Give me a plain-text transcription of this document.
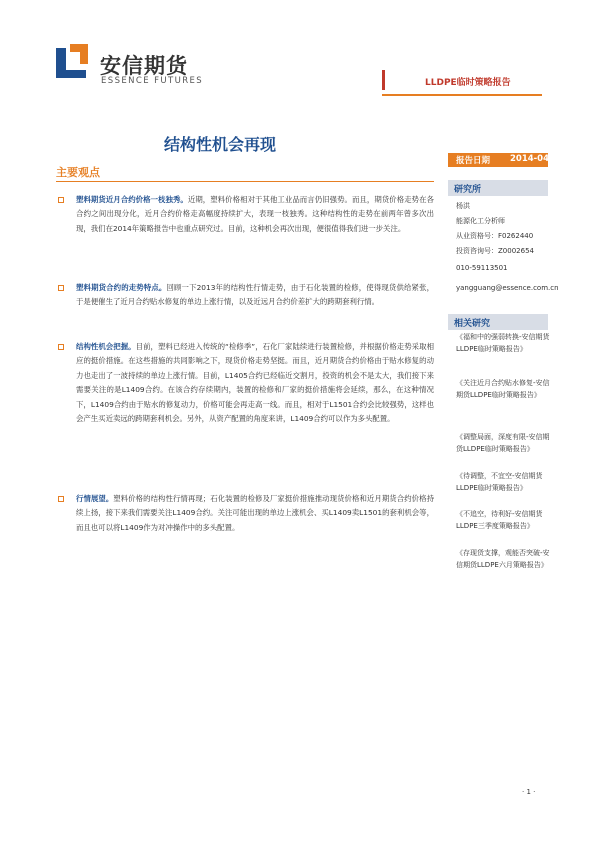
安信期货
ESSENCE FUTURES	LLDPE临时策略报告
结构性机会再现
报告日期 2014-04-17
研究所
杨洪
能源化工分析师
从业资格号：F0262440
投资咨询号：Z0002654
010-59113501
yangguang@essence.com.cn
相关研究
《福和中的强弱转换-安信期货LLDPE临时策略报告》
《关注近月合约贴水修复-安信期货LLDPE临时策略报告》
《调整局面，深度有限-安信期货LLDPE临时策略报告》
《待调整，不宜空-安信期货LLDPE临时策略报告》
《不追空，待利好-安信期货LLDPE三季度策略报告》
《存现货支撑，观能否突破-安信期货LLDPE六月策略报告》
主要观点
塑料期货近月合约价格一枝独秀。近期，塑料价格相对于其他工业品而言仍旧强势。而且，期货价格走势在各合约之间出现分化，近月合约价格走高幅度持续扩大，表现一枝独秀。这种结构性的走势在前两年曾多次出现，我们在2014年策略报告中也重点研究过。目前，这种机会再次出现，便很值得我们进一步关注。
塑料期货合约的走势特点。回顾一下2013年的结构性行情走势，由于石化装置的检修，使得现货供给紧张，于是便催生了近月合约贴水修复的单边上涨行情，以及近远月合约价差扩大的跨期套利行情。
结构性机会把握。目前，塑料已经进入传统的“检修季”，石化厂家陆续进行装置检修，并根据价格走势采取相应的挺价措施。在这些措施的共同影响之下，现货价格走势坚挺。而且，近月期货合约价格由于贴水修复的动力也走出了一波持续的单边上涨行情。目前，L1405合约已经临近交割月，投资的机会不是太大，我们接下来需要关注的是L1409合约。在该合约存续期内，装置的检修和厂家的挺价措施将会延续，那么，在这种情况下，L1409合约由于贴水的修复动力，价格可能会再走高一线。而且，相对于L1501合约会比较强势，这样也会产生买近卖远的跨期套利机会。另外，从资产配置的角度来讲，L1409合约可以作为多头配置。
行情展望。塑料价格的结构性行情再现；石化装置的检修及厂家挺价措施推动现货价格和近月期货合约价格持续上扬，接下来我们需要关注L1409合约。关注可能出现的单边上涨机会、买L1409卖L1501的套利机会等，而且也可以将L1409作为对冲操作中的多头配置。
· 1 ·
